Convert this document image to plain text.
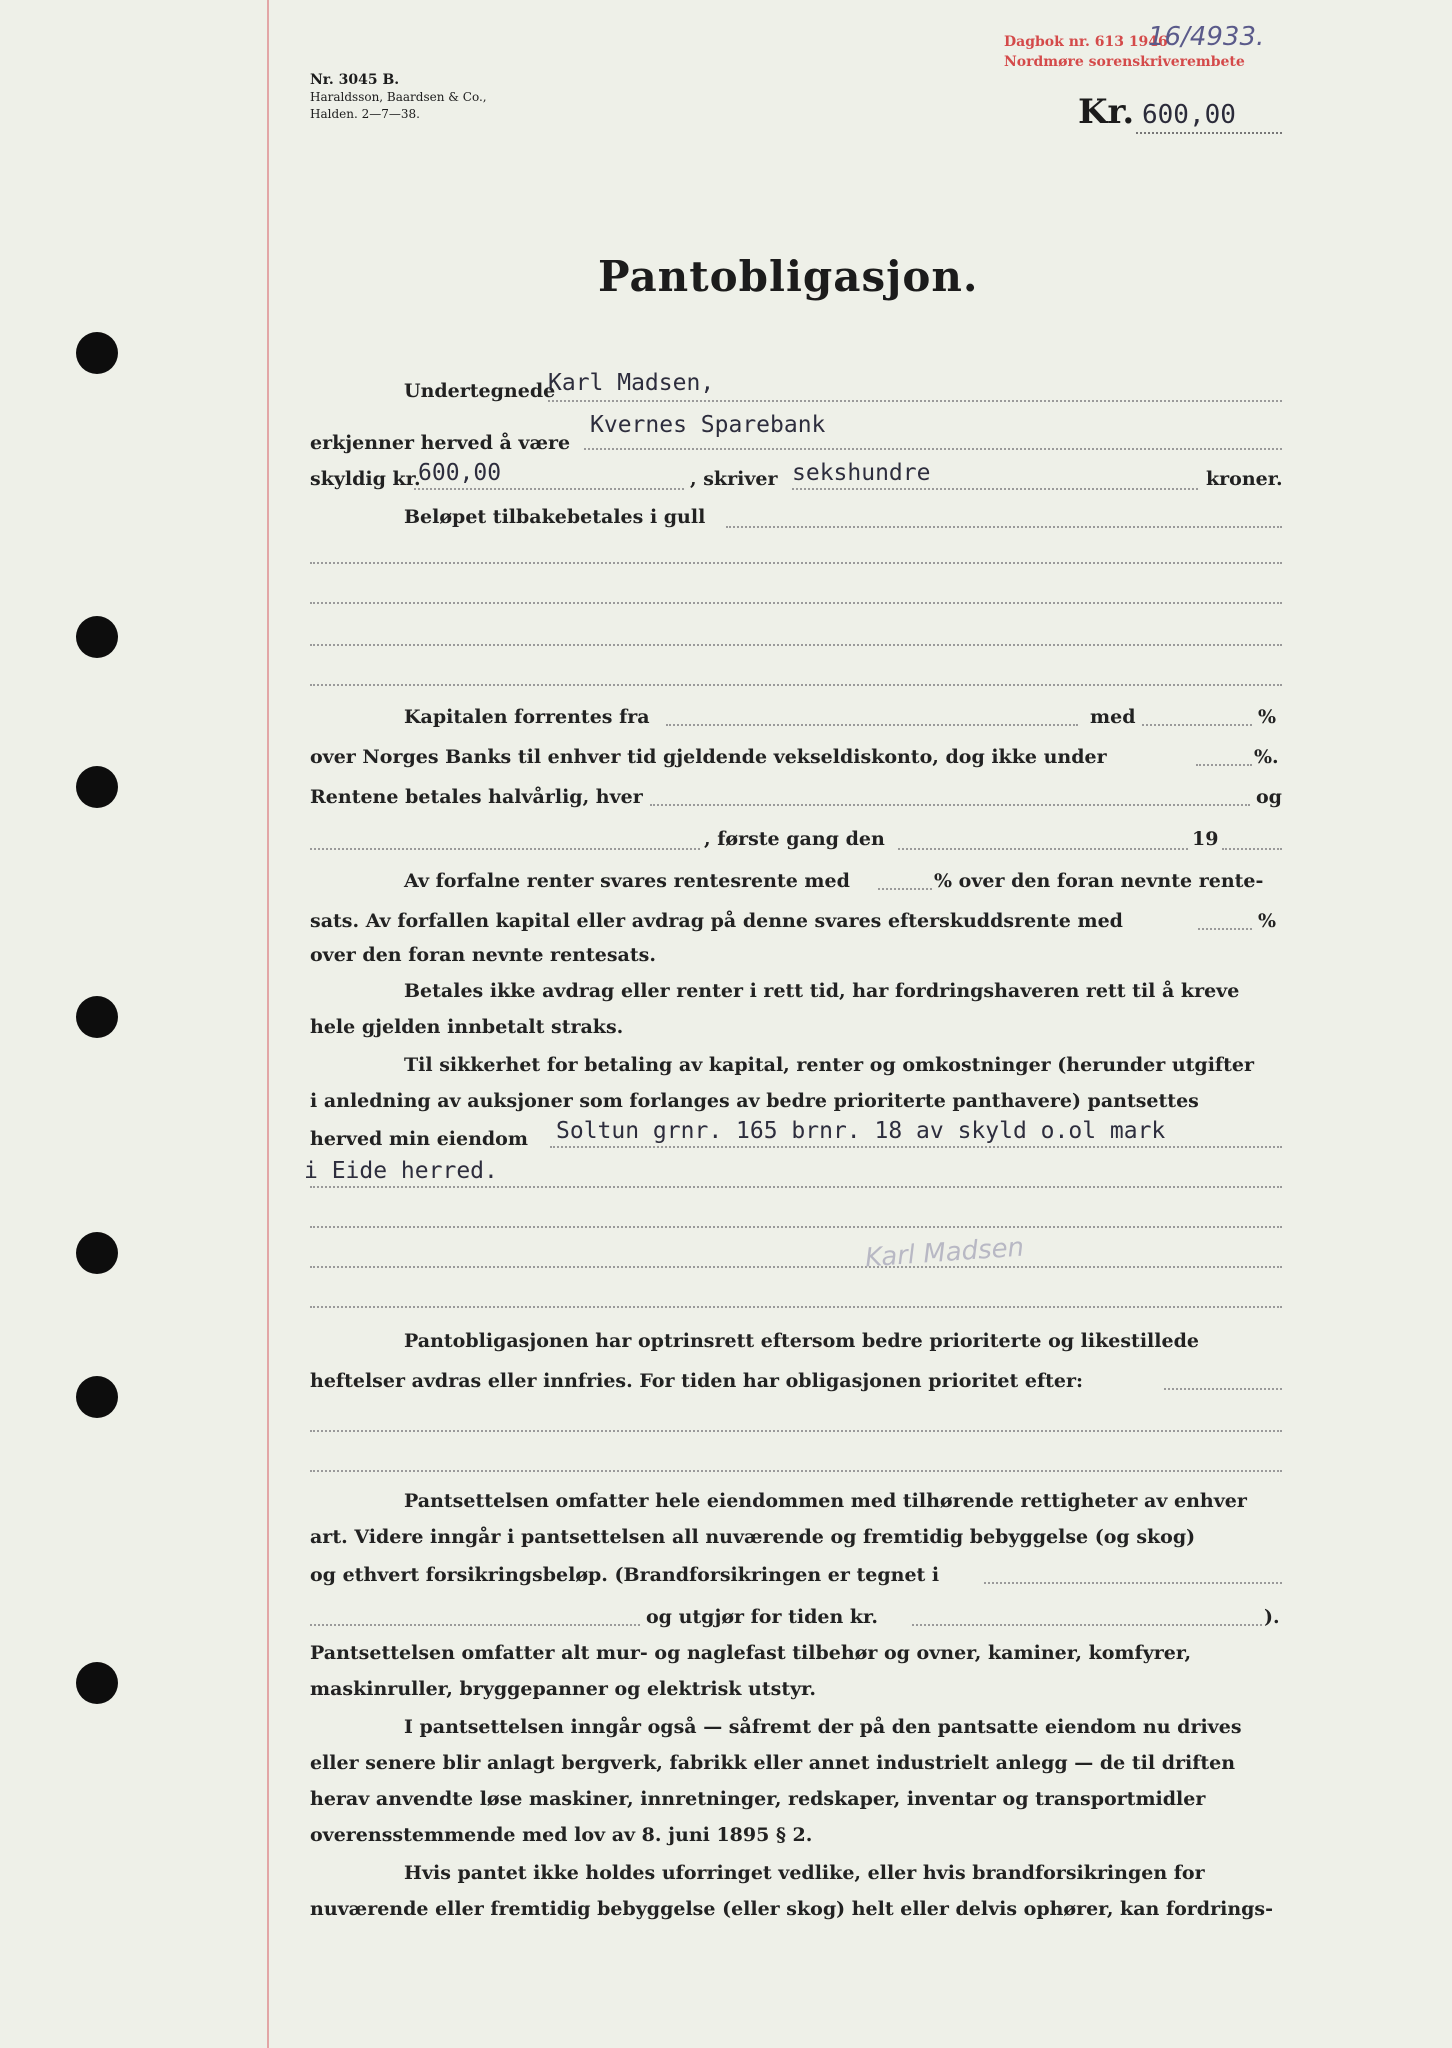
Nr. 3045 B.
Haraldsson, Baardsen & Co.,
Halden. 2—7—38.
Dagbok nr. 613 1946
Nordmøre sorenskriverembete
16/4933.
Kr. 600,00
Pantobligasjon.
Undertegnede
Karl Madsen,
erkjenner herved å være
Kvernes Sparebank
skyldig kr.
600,00	, skriver sekshundre	kroner.
Beløpet tilbakebetales i gull
Kapitalen forrentes fra	med	%
over Norges Banks til enhver tid gjeldende vekseldiskonto, dog ikke under	%.
Rentene betales halvårlig, hver	og
, første gang den	19
Av forfalne renter svares rentesrente med	% over den foran nevnte rente-
sats. Av forfallen kapital eller avdrag på denne svares efterskuddsrente med	%
over den foran nevnte rentesats.
Betales ikke avdrag eller renter i rett tid, har fordringshaveren rett til å kreve
hele gjelden innbetalt straks.
Til sikkerhet for betaling av kapital, renter og omkostninger (herunder utgifter
i anledning av auksjoner som forlanges av bedre prioriterte panthavere) pantsettes
herved min eiendom Soltun grnr. 165 brnr. 18 av skyld o.ol mark
i Eide herred.
Karl Madsen
Pantobligasjonen har optrinsrett eftersom bedre prioriterte og likestillede
heftelser avdras eller innfries. For tiden har obligasjonen prioritet efter:
Pantsettelsen omfatter hele eiendommen med tilhørende rettigheter av enhver
art. Videre inngår i pantsettelsen all nuværende og fremtidig bebyggelse (og skog)
og ethvert forsikringsbeløp. (Brandforsikringen er tegnet i
og utgjør for tiden kr.	).
Pantsettelsen omfatter alt mur- og naglefast tilbehør og ovner, kaminer, komfyrer,
maskinruller, bryggepanner og elektrisk utstyr.
I pantsettelsen inngår også — såfremt der på den pantsatte eiendom nu drives
eller senere blir anlagt bergverk, fabrikk eller annet industrielt anlegg — de til driften
herav anvendte løse maskiner, innretninger, redskaper, inventar og transportmidler
overensstemmende med lov av 8. juni 1895 § 2.
Hvis pantet ikke holdes uforringet vedlike, eller hvis brandforsikringen for
nuværende eller fremtidig bebyggelse (eller skog) helt eller delvis ophører, kan fordrings-
